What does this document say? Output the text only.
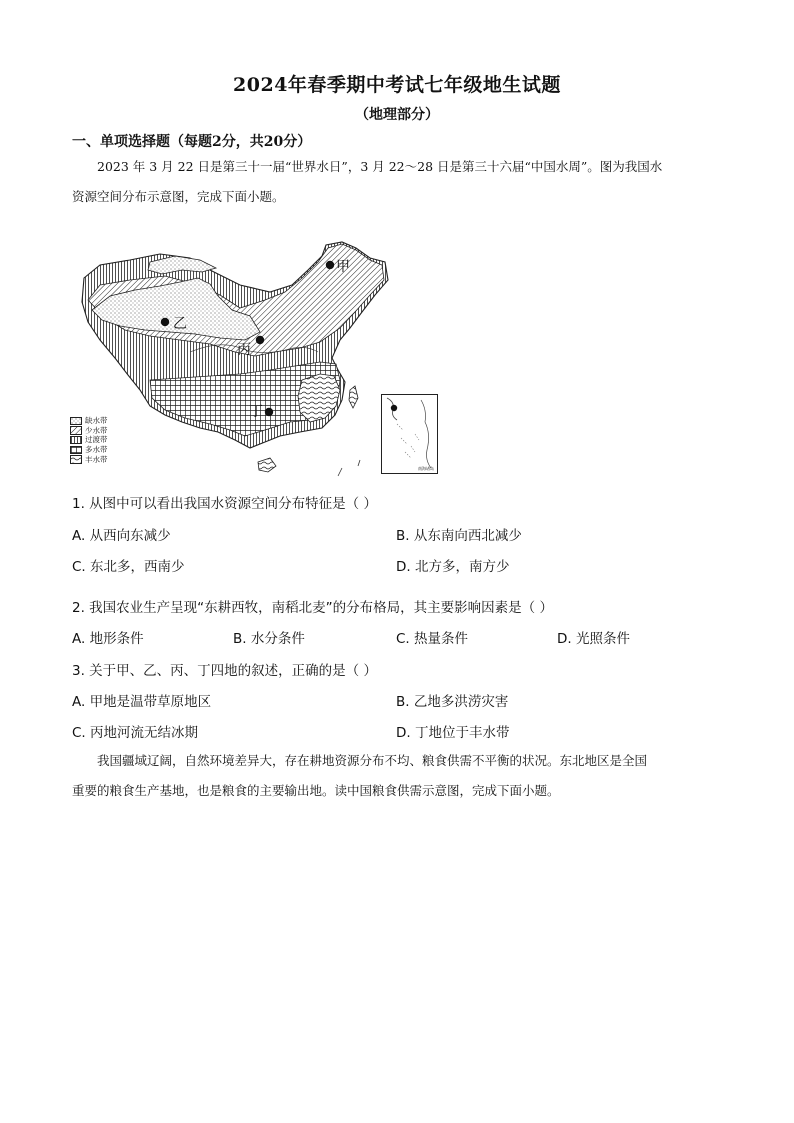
2024年春季期中考试七年级地生试题
（地理部分）
一、单项选择题（每题2分，共20分）
2023 年 3 月 22 日是第三十一届“世界水日”，3 月 22～28 日是第三十六届“中国水周”。图为我国水
资源空间分布示意图，完成下面小题。
甲
乙
丙
丁
缺水带
少水带
过渡带
多水带
丰水带
南海诸岛
1. 从图中可以看出我国水资源空间分布特征是（ ）
A. 从西向东减少	B. 从东南向西北减少
C. 东北多，西南少	D. 北方多，南方少
2. 我国农业生产呈现“东耕西牧，南稻北麦”的分布格局，其主要影响因素是（ ）
A. 地形条件	B. 水分条件	C. 热量条件	D. 光照条件
3. 关于甲、乙、丙、丁四地的叙述，正确的是（ ）
A. 甲地是温带草原地区	B. 乙地多洪涝灾害
C. 丙地河流无结冰期	D. 丁地位于丰水带
我国疆域辽阔，自然环境差异大，存在耕地资源分布不均、粮食供需不平衡的状况。东北地区是全国
重要的粮食生产基地，也是粮食的主要输出地。读中国粮食供需示意图，完成下面小题。
